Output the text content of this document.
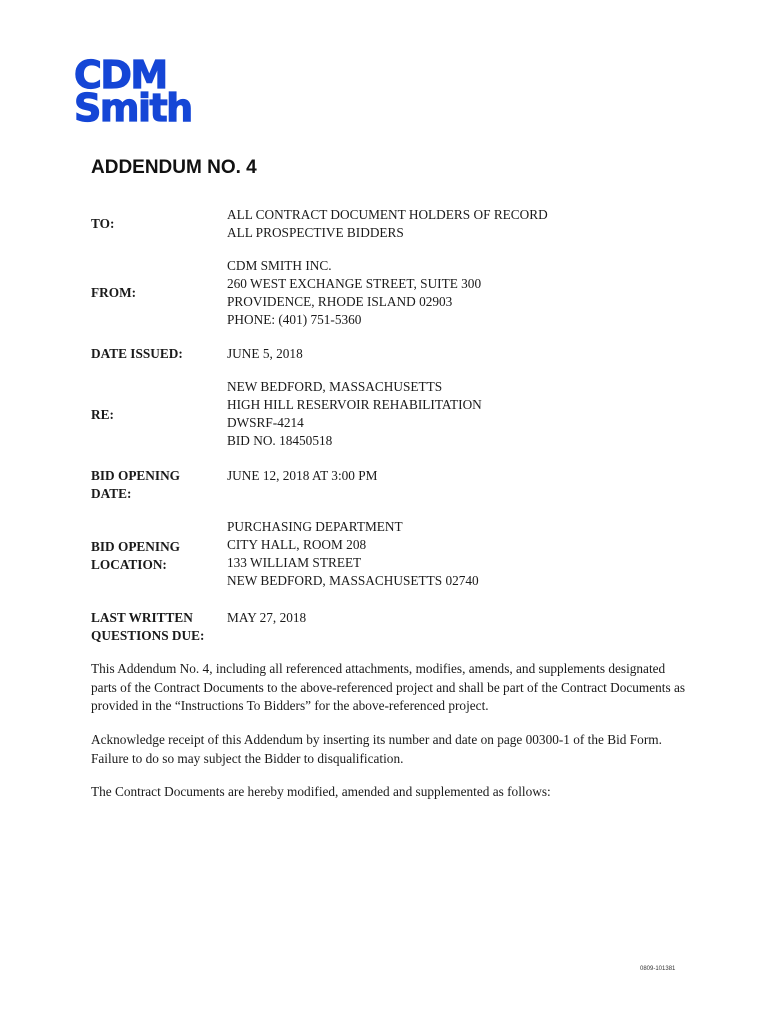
CDM
Smith
ADDENDUM NO. 4
TO:
ALL CONTRACT DOCUMENT HOLDERS OF RECORD
ALL PROSPECTIVE BIDDERS
FROM:
CDM SMITH INC.
260 WEST EXCHANGE STREET, SUITE 300
PROVIDENCE, RHODE ISLAND 02903
PHONE: (401) 751-5360
DATE ISSUED:	JUNE 5, 2018
RE:
NEW BEDFORD, MASSACHUSETTS
HIGH HILL RESERVOIR REHABILITATION
DWSRF-4214
BID NO. 18450518
BID OPENING
DATE:
JUNE 12, 2018 AT 3:00 PM
BID OPENING
LOCATION:
PURCHASING DEPARTMENT
CITY HALL, ROOM 208
133 WILLIAM STREET
NEW BEDFORD, MASSACHUSETTS 02740
LAST WRITTEN
QUESTIONS DUE:
MAY 27, 2018

This Addendum No. 4, including all referenced attachments, modifies, amends, and supplements designated parts of the Contract Documents to the above-referenced project and shall be part of the Contract Documents as provided in the “Instructions To Bidders” for the above-referenced project.

Acknowledge receipt of this Addendum by inserting its number and date on page 00300-1 of the Bid Form. Failure to do so may subject the Bidder to disqualification.

The Contract Documents are hereby modified, amended and supplemented as follows:

0809-101381
